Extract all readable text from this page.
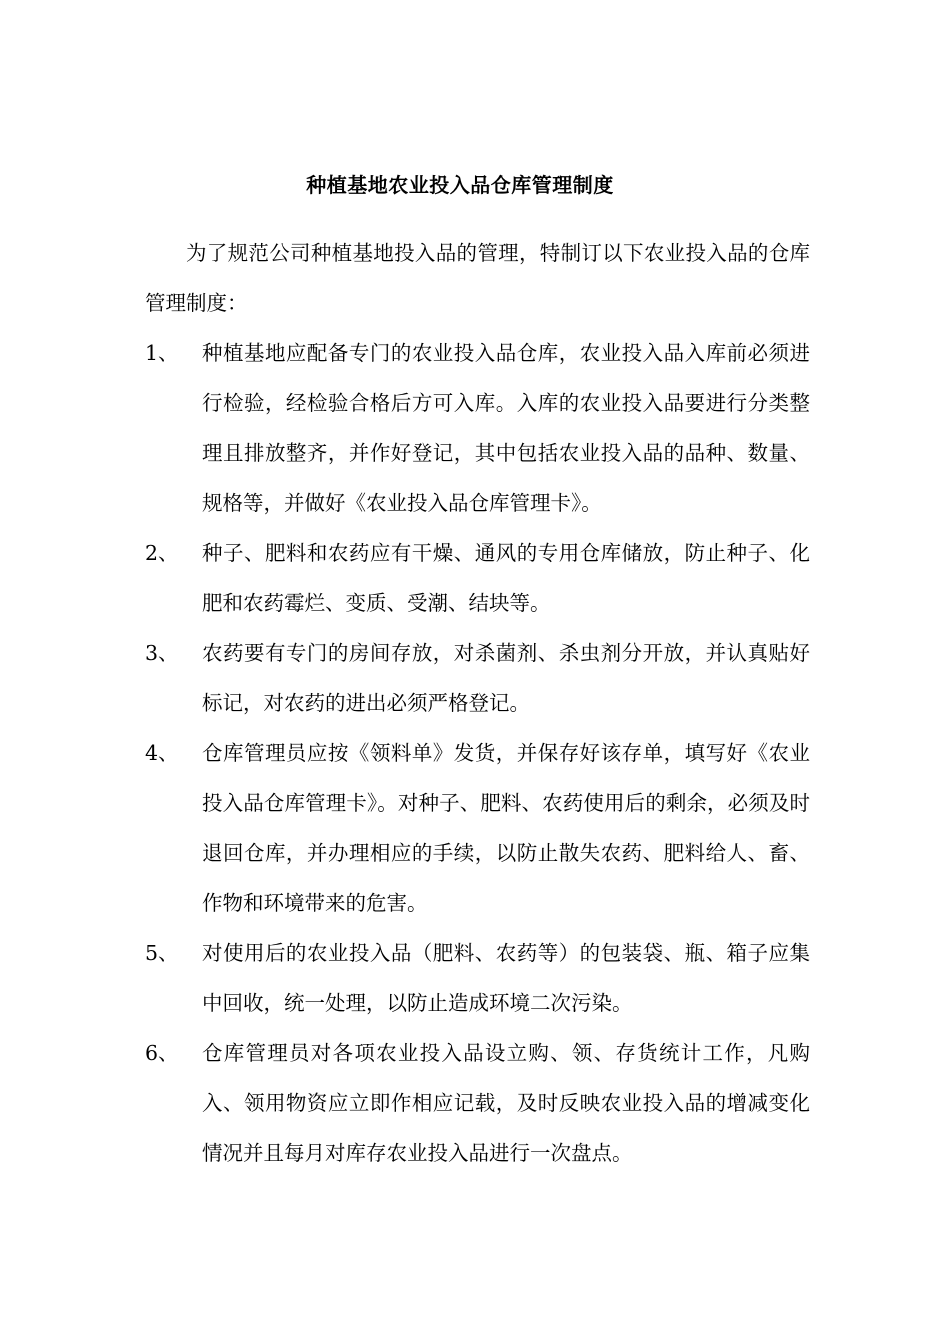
种植基地农业投入品仓库管理制度
为了规范公司种植基地投入品的管理，特制订以下农业投入品的仓库管理制度：
1、	种植基地应配备专门的农业投入品仓库，农业投入品入库前必须进行检验，经检验合格后方可入库。入库的农业投入品要进行分类整理且排放整齐，并作好登记，其中包括农业投入品的品种、数量、规格等，并做好《农业投入品仓库管理卡》。
2、	种子、肥料和农药应有干燥、通风的专用仓库储放，防止种子、化肥和农药霉烂、变质、受潮、结块等。
3、	农药要有专门的房间存放，对杀菌剂、杀虫剂分开放，并认真贴好标记，对农药的进出必须严格登记。
4、	仓库管理员应按《领料单》发货，并保存好该存单，填写好《农业投入品仓库管理卡》。对种子、肥料、农药使用后的剩余，必须及时退回仓库，并办理相应的手续，以防止散失农药、肥料给人、畜、作物和环境带来的危害。
5、	对使用后的农业投入品（肥料、农药等）的包装袋、瓶、箱子应集中回收，统一处理，以防止造成环境二次污染。
6、	仓库管理员对各项农业投入品设立购、领、存货统计工作，凡购入、领用物资应立即作相应记载，及时反映农业投入品的增减变化情况并且每月对库存农业投入品进行一次盘点。
